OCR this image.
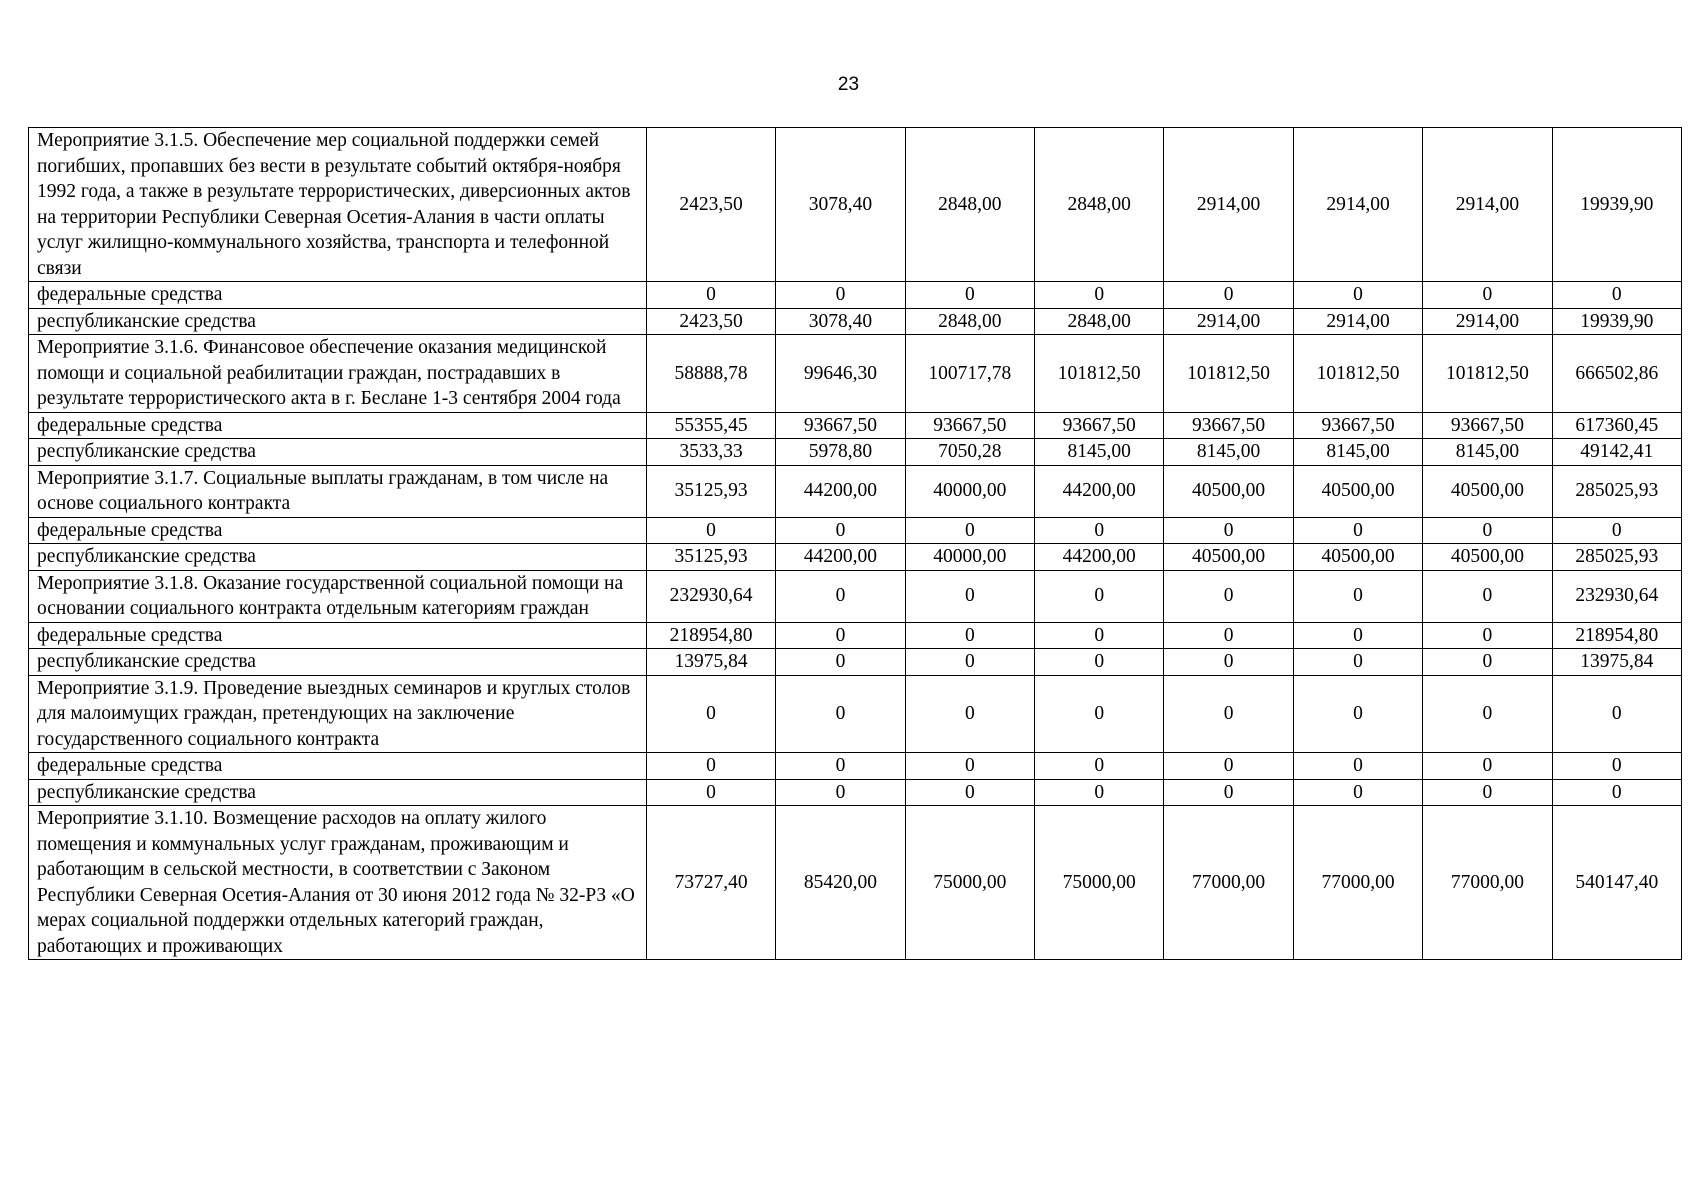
23
Мероприятие 3.1.5. Обеспечение мер социальной поддержки семей погибших, пропавших без вести в результате событий октября-ноября 1992 года, а также в результате террористических, диверсионных актов на территории Республики Северная Осетия-Алания в части оплаты услуг жилищно-коммунального хозяйства, транспорта и телефонной связи	2423,50	3078,40	2848,00	2848,00	2914,00	2914,00	2914,00	19939,90
федеральные средства	0	0	0	0	0	0	0	0
республиканские средства	2423,50	3078,40	2848,00	2848,00	2914,00	2914,00	2914,00	19939,90
Мероприятие 3.1.6. Финансовое обеспечение оказания медицинской помощи и социальной реабилитации граждан, пострадавших в результате террористического акта в г. Беслане 1-3 сентября 2004 года	58888,78	99646,30	100717,78	101812,50	101812,50	101812,50	101812,50	666502,86
федеральные средства	55355,45	93667,50	93667,50	93667,50	93667,50	93667,50	93667,50	617360,45
республиканские средства	3533,33	5978,80	7050,28	8145,00	8145,00	8145,00	8145,00	49142,41
Мероприятие 3.1.7. Социальные выплаты гражданам, в том числе на основе социального контракта	35125,93	44200,00	40000,00	44200,00	40500,00	40500,00	40500,00	285025,93
федеральные средства	0	0	0	0	0	0	0	0
республиканские средства	35125,93	44200,00	40000,00	44200,00	40500,00	40500,00	40500,00	285025,93
Мероприятие 3.1.8. Оказание государственной социальной помощи на основании социального контракта отдельным категориям граждан	232930,64	0	0	0	0	0	0	232930,64
федеральные средства	218954,80	0	0	0	0	0	0	218954,80
республиканские средства	13975,84	0	0	0	0	0	0	13975,84
Мероприятие 3.1.9. Проведение выездных семинаров и круглых столов для малоимущих граждан, претендующих на заключение государственного социального контракта	0	0	0	0	0	0	0	0
федеральные средства	0	0	0	0	0	0	0	0
республиканские средства	0	0	0	0	0	0	0	0
Мероприятие 3.1.10. Возмещение расходов на оплату жилого помещения и коммунальных услуг гражданам, проживающим и работающим в сельской местности, в соответствии с Законом Республики Северная Осетия-Алания от 30 июня 2012 года № 32-РЗ «О мерах социальной поддержки отдельных категорий граждан, работающих и проживающих	73727,40	85420,00	75000,00	75000,00	77000,00	77000,00	77000,00	540147,40
